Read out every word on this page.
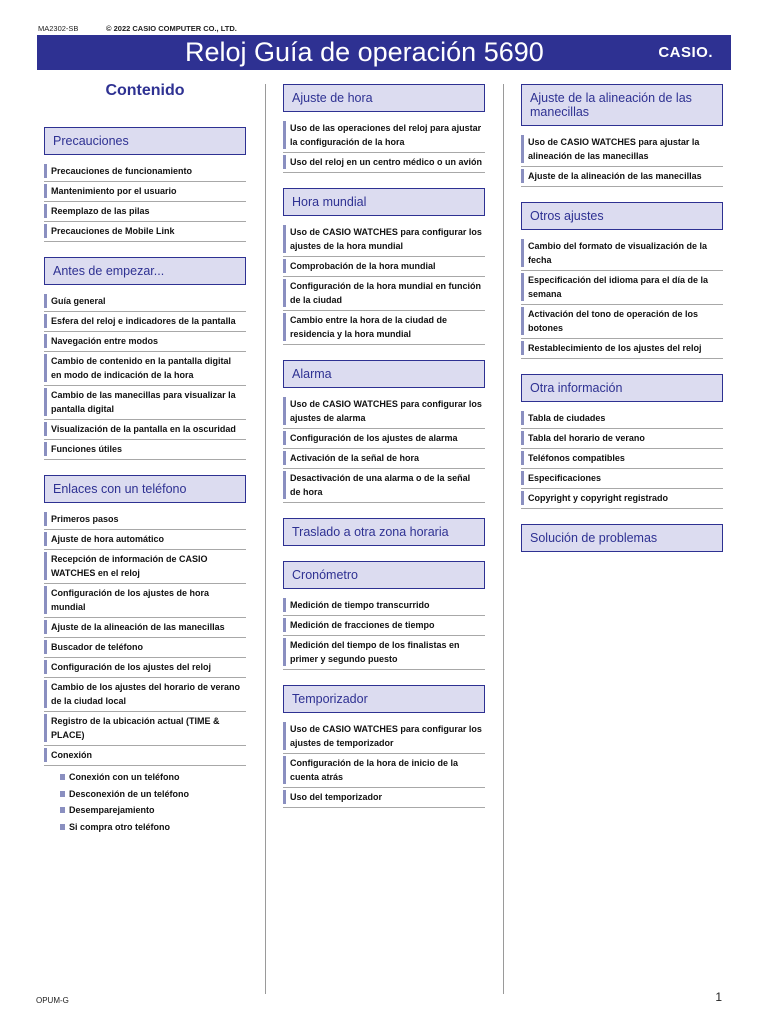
MA2302-SB	© 2022 CASIO COMPUTER CO., LTD.
Reloj Guía de operación 5690	CASIO.
Contenido
Precauciones
Precauciones de funcionamiento
Mantenimiento por el usuario
Reemplazo de las pilas
Precauciones de Mobile Link
Antes de empezar...
Guía general
Esfera del reloj e indicadores de la pantalla
Navegación entre modos
Cambio de contenido en la pantalla digital en modo de indicación de la hora
Cambio de las manecillas para visualizar la pantalla digital
Visualización de la pantalla en la oscuridad
Funciones útiles
Enlaces con un teléfono
Primeros pasos
Ajuste de hora automático
Recepción de información de CASIO WATCHES en el reloj
Configuración de los ajustes de hora mundial
Ajuste de la alineación de las manecillas
Buscador de teléfono
Configuración de los ajustes del reloj
Cambio de los ajustes del horario de verano de la ciudad local
Registro de la ubicación actual (TIME & PLACE)
Conexión
Conexión con un teléfono
Desconexión de un teléfono
Desemparejamiento
Si compra otro teléfono
Ajuste de hora
Uso de las operaciones del reloj para ajustar la configuración de la hora
Uso del reloj en un centro médico o un avión
Hora mundial
Uso de CASIO WATCHES para configurar los ajustes de la hora mundial
Comprobación de la hora mundial
Configuración de la hora mundial en función de la ciudad
Cambio entre la hora de la ciudad de residencia y la hora mundial
Alarma
Uso de CASIO WATCHES para configurar los ajustes de alarma
Configuración de los ajustes de alarma
Activación de la señal de hora
Desactivación de una alarma o de la señal de hora
Traslado a otra zona horaria
Cronómetro
Medición de tiempo transcurrido
Medición de fracciones de tiempo
Medición del tiempo de los finalistas en primer y segundo puesto
Temporizador
Uso de CASIO WATCHES para configurar los ajustes de temporizador
Configuración de la hora de inicio de la cuenta atrás
Uso del temporizador
Ajuste de la alineación de las manecillas
Uso de CASIO WATCHES para ajustar la alineación de las manecillas
Ajuste de la alineación de las manecillas
Otros ajustes
Cambio del formato de visualización de la fecha
Especificación del idioma para el día de la semana
Activación del tono de operación de los botones
Restablecimiento de los ajustes del reloj
Otra información
Tabla de ciudades
Tabla del horario de verano
Teléfonos compatibles
Especificaciones
Copyright y copyright registrado
Solución de problemas
OPUM-G	1
